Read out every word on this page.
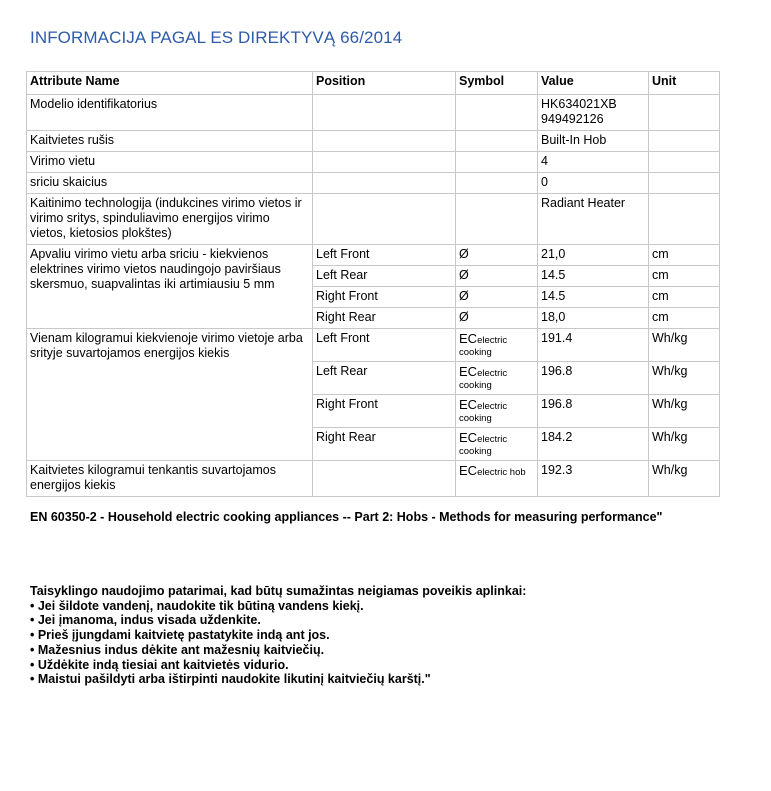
INFORMACIJA PAGAL ES DIREKTYVĄ 66/2014
Attribute Name	Position	Symbol	Value	Unit
Modelio identifikatorius			HK634021XB
949492126	

Kaitvietes rušis			Built-In Hob	
Virimo vietu			4	
sriciu skaicius			0	
Kaitinimo technologija (indukcines virimo vietos ir virimo sritys, spinduliavimo energijos virimo vietos, kietosios plokštes)			Radiant Heater	
Apvaliu virimo vietu arba sriciu - kiekvienos elektrines virimo vietos naudingojo paviršiaus skersmuo, suapvalintas iki artimiausiu 5 mm	Left Front	Ø	21,0	cm
	Left Rear	Ø	14.5	cm
	Right Front	Ø	14.5	cm
	Right Rear	Ø	18,0	cm
Vienam kilogramui kiekvienoje virimo vietoje arba srityje suvartojamos energijos kiekis	Left Front	ECelectric
cooking	191.4	Wh/kg
	Left Rear	ECelectric
cooking	196.8	Wh/kg
	Right Front	ECelectric
cooking	196.8	Wh/kg
	Right Rear	ECelectric
cooking	184.2	Wh/kg
Kaitvietes kilogramui tenkantis suvartojamos energijos kiekis		ECelectric hob	192.3	Wh/kg
EN 60350-2 - Household electric cooking appliances -- Part 2: Hobs - Methods for measuring performance"
Taisyklingo naudojimo patarimai, kad būtų sumažintas neigiamas poveikis aplinkai:
• Jei šildote vandenį, naudokite tik būtiną vandens kiekį.
• Jei įmanoma, indus visada uždenkite.
• Prieš įjungdami kaitvietę pastatykite indą ant jos.
• Mažesnius indus dėkite ant mažesnių kaitviečių.
• Uždėkite indą tiesiai ant kaitvietės vidurio.
• Maistui pašildyti arba ištirpinti naudokite likutinį kaitviečių karštį."
